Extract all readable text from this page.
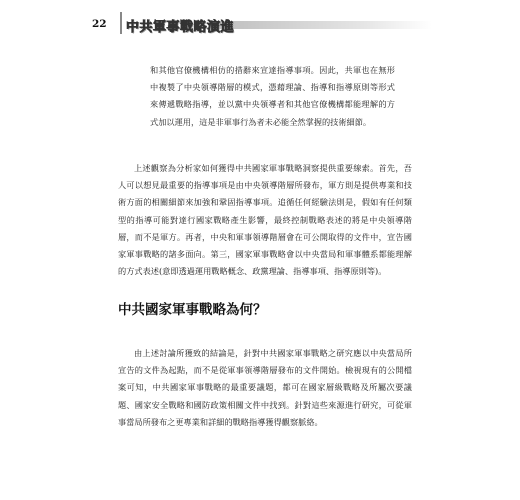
22 中共軍事戰略演進

和其他官僚機構相仿的措辭來宣達指導事項。因此，共軍也在無形中複製了中央領導階層的模式，憑藉理論、指導和指導原則等形式來傳遞戰略指導，並以黨中央領導者和其他官僚機構都能理解的方式加以運用，這是非軍事行為者未必能全然掌握的技術細節。

上述觀察為分析家如何獲得中共國家軍事戰略洞察提供重要線索。首先，吾人可以想見最重要的指導事項是由中央領導階層所發布，軍方則是提供專業和技術方面的相關細節來加強和鞏固指導事項。追循任何經驗法則是，假如有任何類型的指導可能對達行國家戰略產生影響，最終控制戰略表述的將是中央領導階層，而不是軍方。再者，中央和軍事領導階層會在可公開取得的文件中，宣告國家軍事戰略的諸多面向。第三，國家軍事戰略會以中央當局和軍事體系都能理解的方式表述(意即透過運用戰略概念、政黨理論、指導事項、指導原則等)。

中共國家軍事戰略為何？

由上述討論所獲致的結論是，針對中共國家軍事戰略之研究應以中央當局所宣告的文件為起點，而不是從軍事領導階層發布的文件開始。檢視現有的公開檔案可知，中共國家軍事戰略的最重要議題，都可在國家層級戰略及所屬次要議題、國家安全戰略和國防政策相關文件中找到。針對這些來源進行研究，可從軍事當局所發布之更專業和詳細的戰略指導獲得觀察脈絡。
